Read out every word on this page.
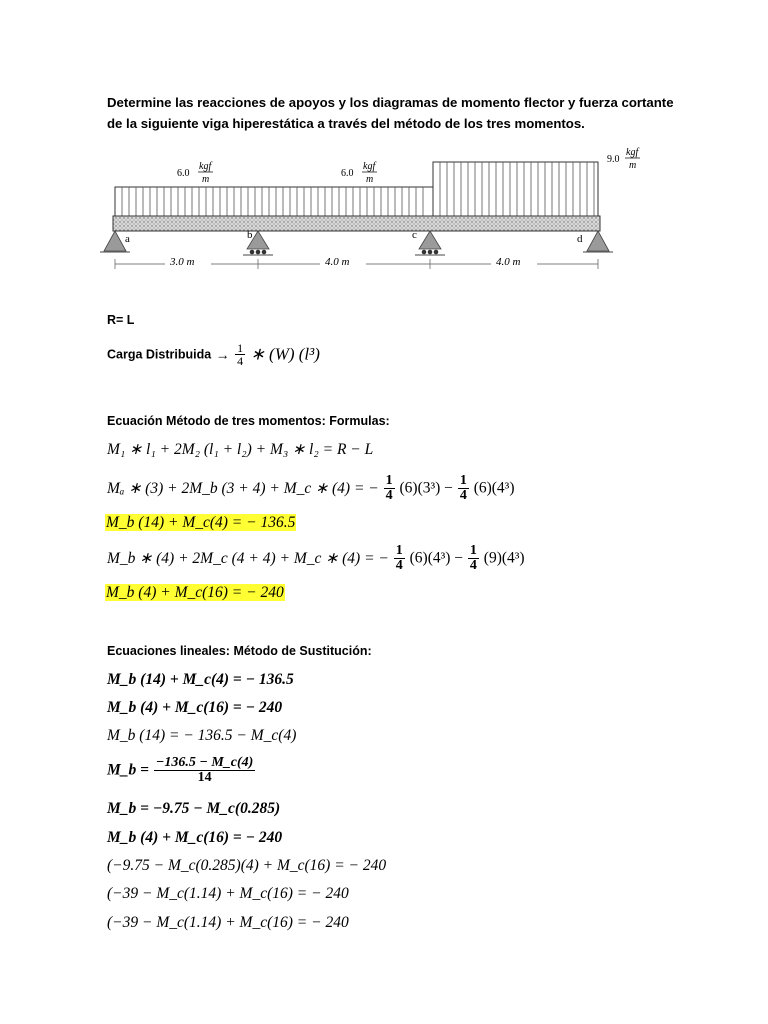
Determine las reacciones de apoyos y los diagramas de momento flector y fuerza cortante de la siguiente viga hiperestática a través del método de los tres momentos.
6.0
kgf
m
6.0
kgf
m
9.0
kgf
m
a	b	c	d
3.0 m	4.0 m	4.0 m
R= L
Carga Distribuida → $\frac{1}{4}$ ∗ (W) (l³)
Ecuación Método de tres momentos: Formulas:
M₁ ∗ l₁ + 2M₂ (l₁ + l₂) + M₃ ∗ l₂ = R − L
Mₐ ∗ (3) + 2M_b (3 + 4) + M_c ∗ (4) = − $\frac{1}{4} (6)(3^3) - \frac{1}{4} (6)(4^3)$
M_b (14) + M_c(4) = − 136.5
M_b ∗ (4) + 2M_c (4 + 4) + M_c ∗ (4) = − $\frac{1}{4} (6)(4^3) - \frac{1}{4} (9)(4^3)$
M_b (4) + M_c(16) = − 240
Ecuaciones lineales: Método de Sustitución:
M_b (14) + M_c(4) = − 136.5
M_b (4) + M_c(16) = − 240
M_b (14) = − 136.5 − M_c(4)
M_b = $\frac{-136.5 - M\_c(4)}{14}$
M_b = −9.75 − M_c(0.285)
M_b (4) + M_c(16) = − 240
(−9.75 − M_c(0.285)(4) + M_c(16) = − 240
(−39 − M_c(1.14) + M_c(16) = − 240
(−39 − M_c(1.14) + M_c(16) = − 240
